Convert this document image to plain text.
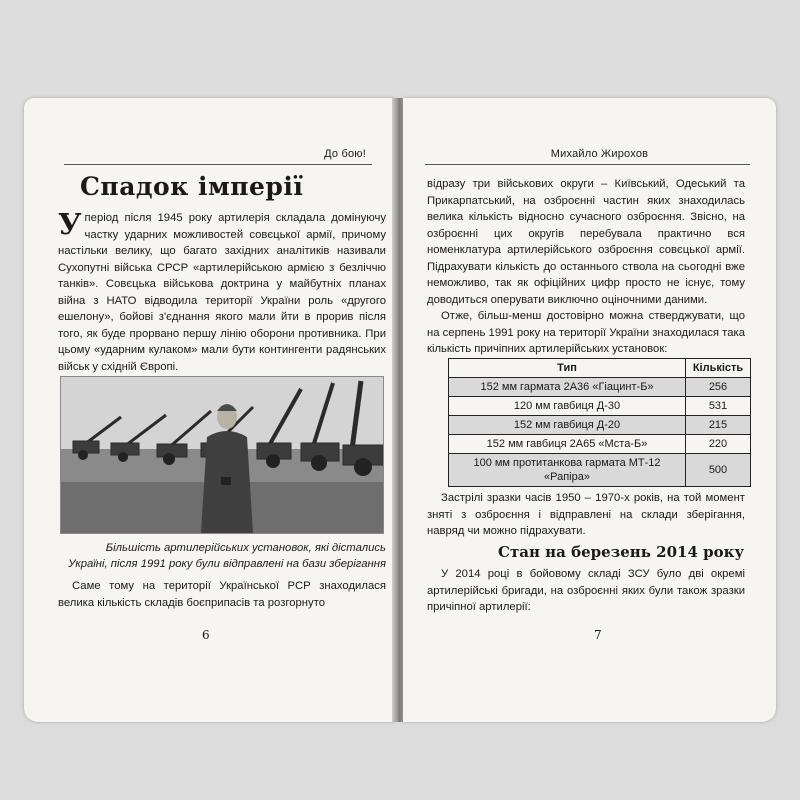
До бою!
Спадок імперії
У перiод пiсля 1945 року артилерiя складала домiнуючу частку ударних можливостей совєцької армiї, причому настiльки велику, що багато захiдних аналiтикiв називали Сухопутнi вiйська СРСР «артилерiйською армiєю з безлiччю танкiв». Совєцька вiйськова доктрина у майбутнiх планах вiйна з НАТО вiдводила територiї України роль «другого ешелону», бойовi з'єднання якого мали йти в прорив пiсля того, як буде прорвано першу лiнiю оборони противника. При цьому «ударним кулаком» мали бути контингенти радянських вiйськ у схiднiй Європi.
Бiльшiсть артилерiйських установок, якi дiстались
Українi, пiсля 1991 року були вiдправленi на бази зберiгання
Саме тому на територiї Української РСР знаходилася велика кiлькiсть складiв боєприпасiв та розгорнуто
6
Михайло Жирохов
вiдразу три вiйськових округи – Київський, Одеський та Прикарпатський, на озброєннi частин яких знаходилась велика кiлькiсть вiдносно сучасного озброєння. Звiсно, на озброєннi цих округiв перебувала практично вся номенклатура артилерiйського озброєння совєцької армiї. Пiдрахувати кiлькiсть до останнього ствола на сьогоднi вже неможливо, так як офiцiйних цифр просто не iснує, тому доводиться оперувати виключно оцiночними даними.
Отже, бiльш-менш достовiрно можна стверджувати, що на серпень 1991 року на територiї України знаходилася така кiлькiсть причiпних артилерiйських установок:
Тип	Кiлькiсть
152 мм гармата 2А36 «Гiацинт-Б»	256
120 мм гавбиця Д-30	531
152 мм гавбиця Д-20	215
152 мм гавбиця 2А65 «Мста-Б»	220
100 мм протитанкова гармата МТ-12 «Рапiра»	500
Застрiлi зразки часiв 1950 – 1970-х рокiв, на той момент знятi з озброєння i вiдправленi на склади зберiгання, навряд чи можно пiдрахувати.
Стан на березень 2014 року
У 2014 роцi в бойовому складi ЗСУ було двi окремi артилерiйськi бригади, на озброєннi яких були також зразки причiпної артилерiї:
7
